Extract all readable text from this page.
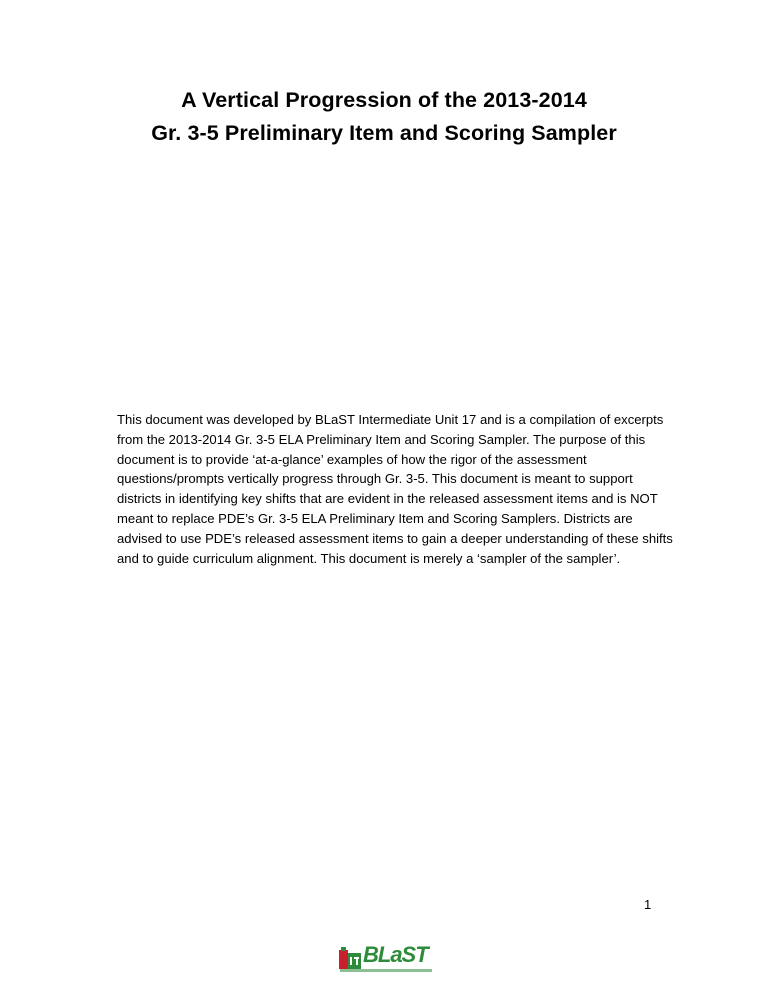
A Vertical Progression of the 2013-2014
Gr. 3-5 Preliminary Item and Scoring Sampler
This document was developed by BLaST Intermediate Unit 17 and is a compilation of excerpts from the 2013-2014 Gr. 3-5 ELA Preliminary Item and Scoring Sampler. The purpose of this document is to provide ‘at-a-glance’ examples of how the rigor of the assessment questions/prompts vertically progress through Gr. 3-5. This document is meant to support districts in identifying key shifts that are evident in the released assessment items and is NOT meant to replace PDE’s Gr. 3-5 ELA Preliminary Item and Scoring Samplers. Districts are advised to use PDE’s released assessment items to gain a deeper understanding of these shifts and to guide curriculum alignment. This document is merely a ‘sampler of the sampler’.
1
BLaST
